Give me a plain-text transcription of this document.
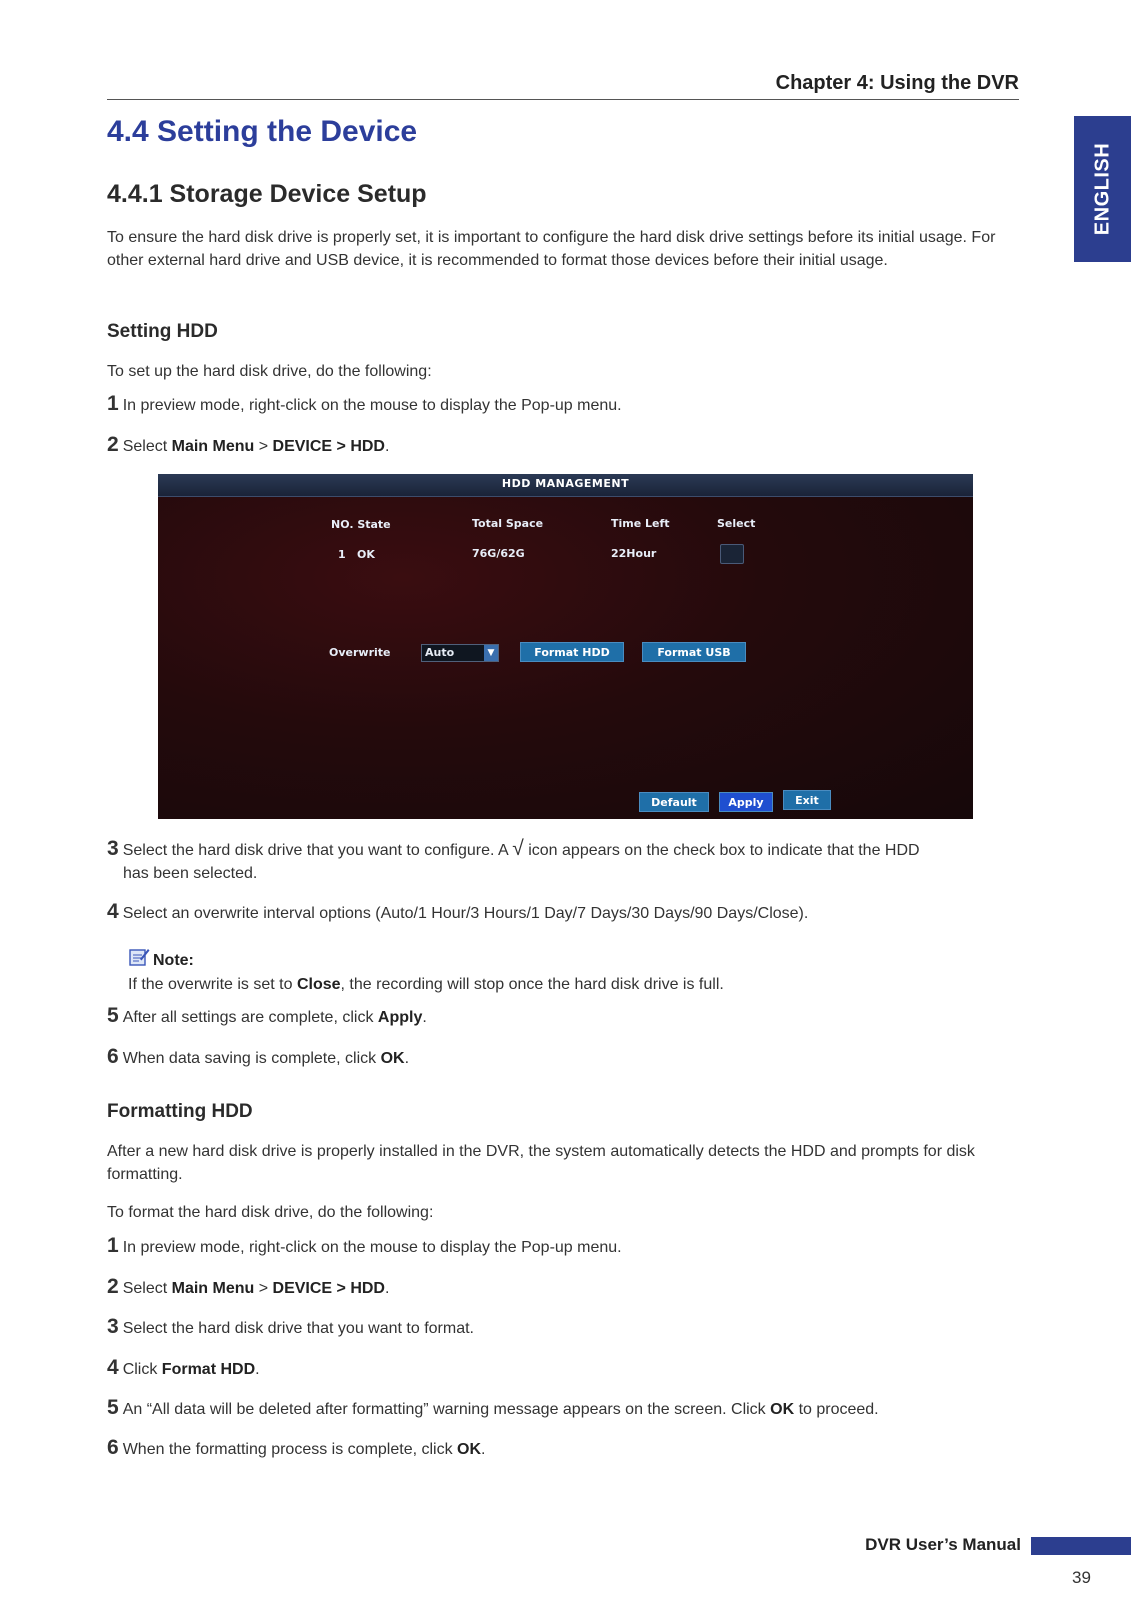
Chapter 4: Using the DVR
ENGLISH
4.4 Setting the Device
4.4.1 Storage Device Setup
To ensure the hard disk drive is properly set, it is important to configure the hard disk drive settings before its initial usage. For other external hard drive and USB device, it is recommended to format those devices before their initial usage.
Setting HDD
To set up the hard disk drive, do the following:
1 In preview mode, right-click on the mouse to display the Pop-up menu.
2 Select Main Menu > DEVICE > HDD.
HDD MANAGEMENT
NO. State	Total Space	Time Left	Select
1 OK	76G/62G	22Hour
Overwrite	Auto	▼	Format HDD	Format USB
Default	Apply	Exit
3 Select the hard disk drive that you want to configure. A √ icon appears on the check box to indicate that the HDD
has been selected.
4 Select an overwrite interval options (Auto/1 Hour/3 Hours/1 Day/7 Days/30 Days/90 Days/Close).
Note:
If the overwrite is set to Close, the recording will stop once the hard disk drive is full.
5 After all settings are complete, click Apply.
6 When data saving is complete, click OK.
Formatting HDD
After a new hard disk drive is properly installed in the DVR, the system automatically detects the HDD and prompts for disk formatting.
To format the hard disk drive, do the following:
1 In preview mode, right-click on the mouse to display the Pop-up menu.
2 Select Main Menu > DEVICE > HDD.
3 Select the hard disk drive that you want to format.
4 Click Format HDD.
5 An “All data will be deleted after formatting” warning message appears on the screen. Click OK to proceed.
6 When the formatting process is complete, click OK.
DVR User’s Manual
39
